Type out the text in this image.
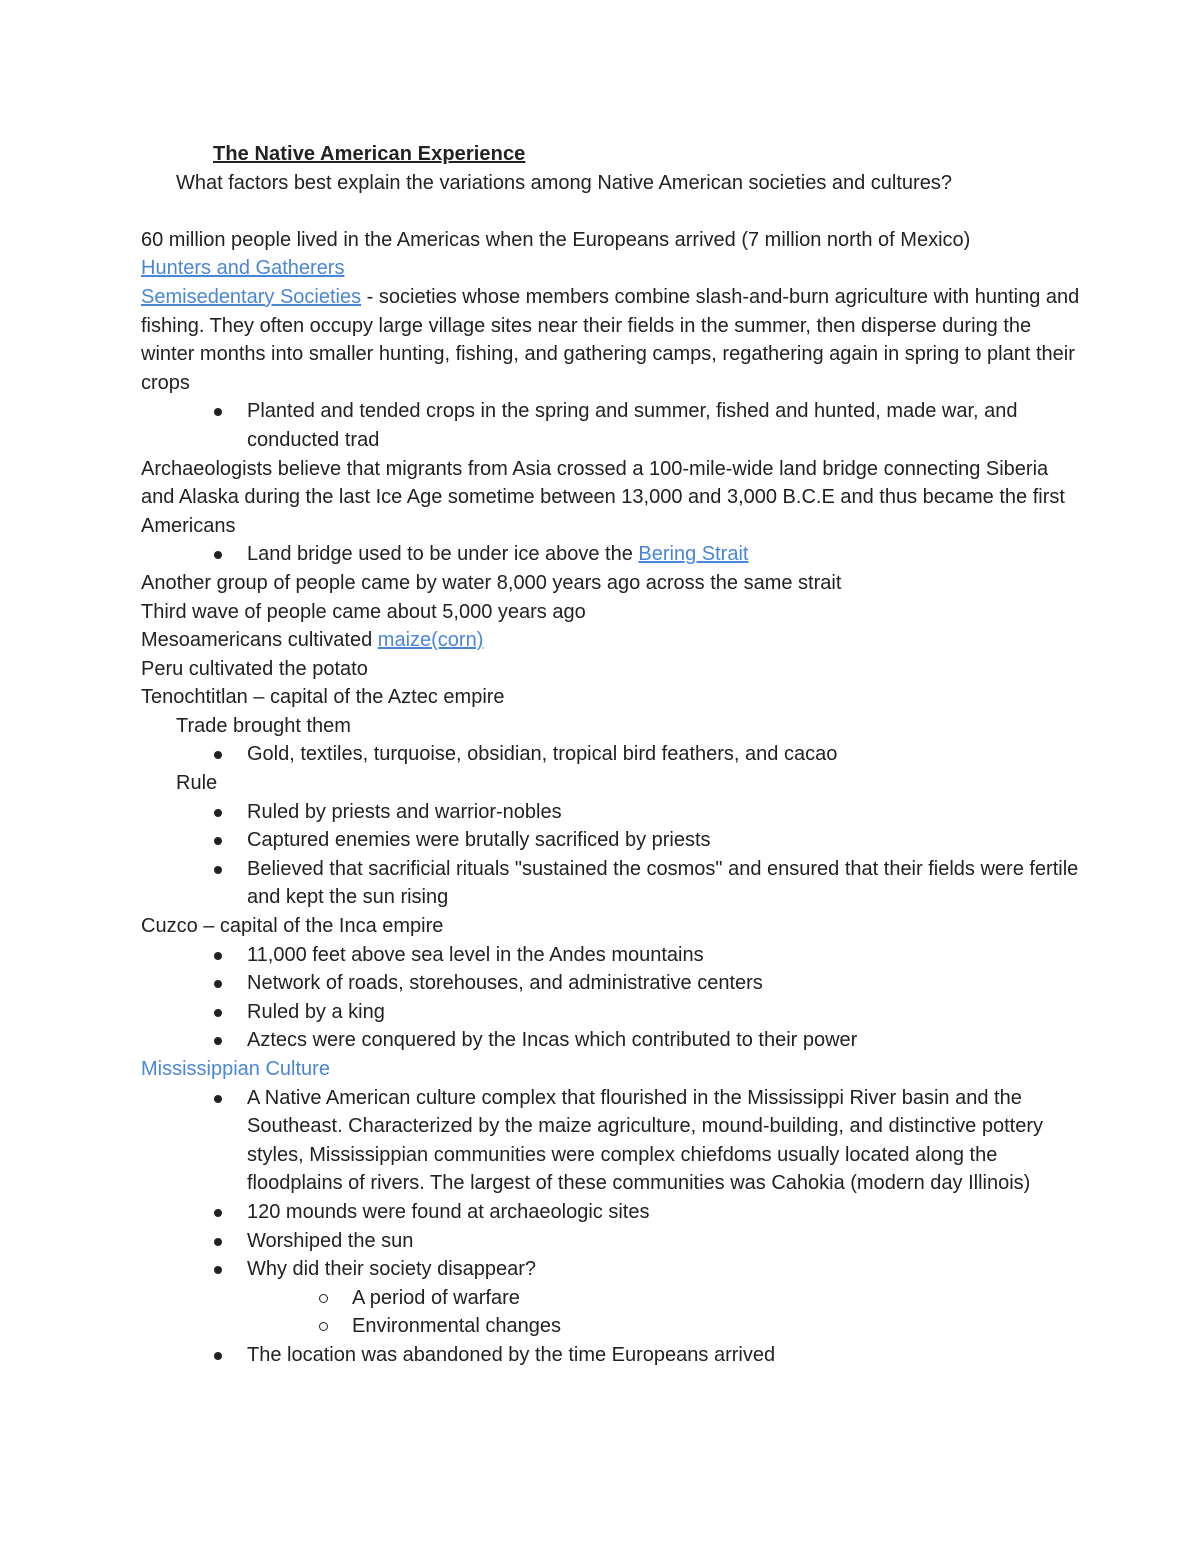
The Native American Experience

What factors best explain the variations among Native American societies and cultures?

60 million people lived in the Americas when the Europeans arrived (7 million north of Mexico)

Hunters and Gatherers

Semisedentary Societies - societies whose members combine slash-and-burn agriculture with hunting and fishing. They often occupy large village sites near their fields in the summer, then disperse during the winter months into smaller hunting, fishing, and gathering camps, regathering again in spring to plant their crops

Planted and tended crops in the spring and summer, fished and hunted, made war, and conducted trad

Archaeologists believe that migrants from Asia crossed a 100-mile-wide land bridge connecting Siberia and Alaska during the last Ice Age sometime between 13,000 and 3,000 B.C.E and thus became the first Americans

Land bridge used to be under ice above the Bering Strait

Another group of people came by water 8,000 years ago across the same strait

Third wave of people came about 5,000 years ago

Mesoamericans cultivated maize(corn)

Peru cultivated the potato

Tenochtitlan – capital of the Aztec empire

Trade brought them

Gold, textiles, turquoise, obsidian, tropical bird feathers, and cacao

Rule

Ruled by priests and warrior-nobles
Captured enemies were brutally sacrificed by priests
Believed that sacrificial rituals "sustained the cosmos" and ensured that their fields were fertile and kept the sun rising

Cuzco – capital of the Inca empire

11,000 feet above sea level in the Andes mountains
Network of roads, storehouses, and administrative centers
Ruled by a king
Aztecs were conquered by the Incas which contributed to their power

Mississippian Culture

A Native American culture complex that flourished in the Mississippi River basin and the Southeast. Characterized by the maize agriculture, mound-building, and distinctive pottery styles, Mississippian communities were complex chiefdoms usually located along the floodplains of rivers. The largest of these communities was Cahokia (modern day Illinois)
120 mounds were found at archaeologic sites
Worshiped the sun
Why did their society disappear?
A period of warfare
Environmental changes
The location was abandoned by the time Europeans arrived
